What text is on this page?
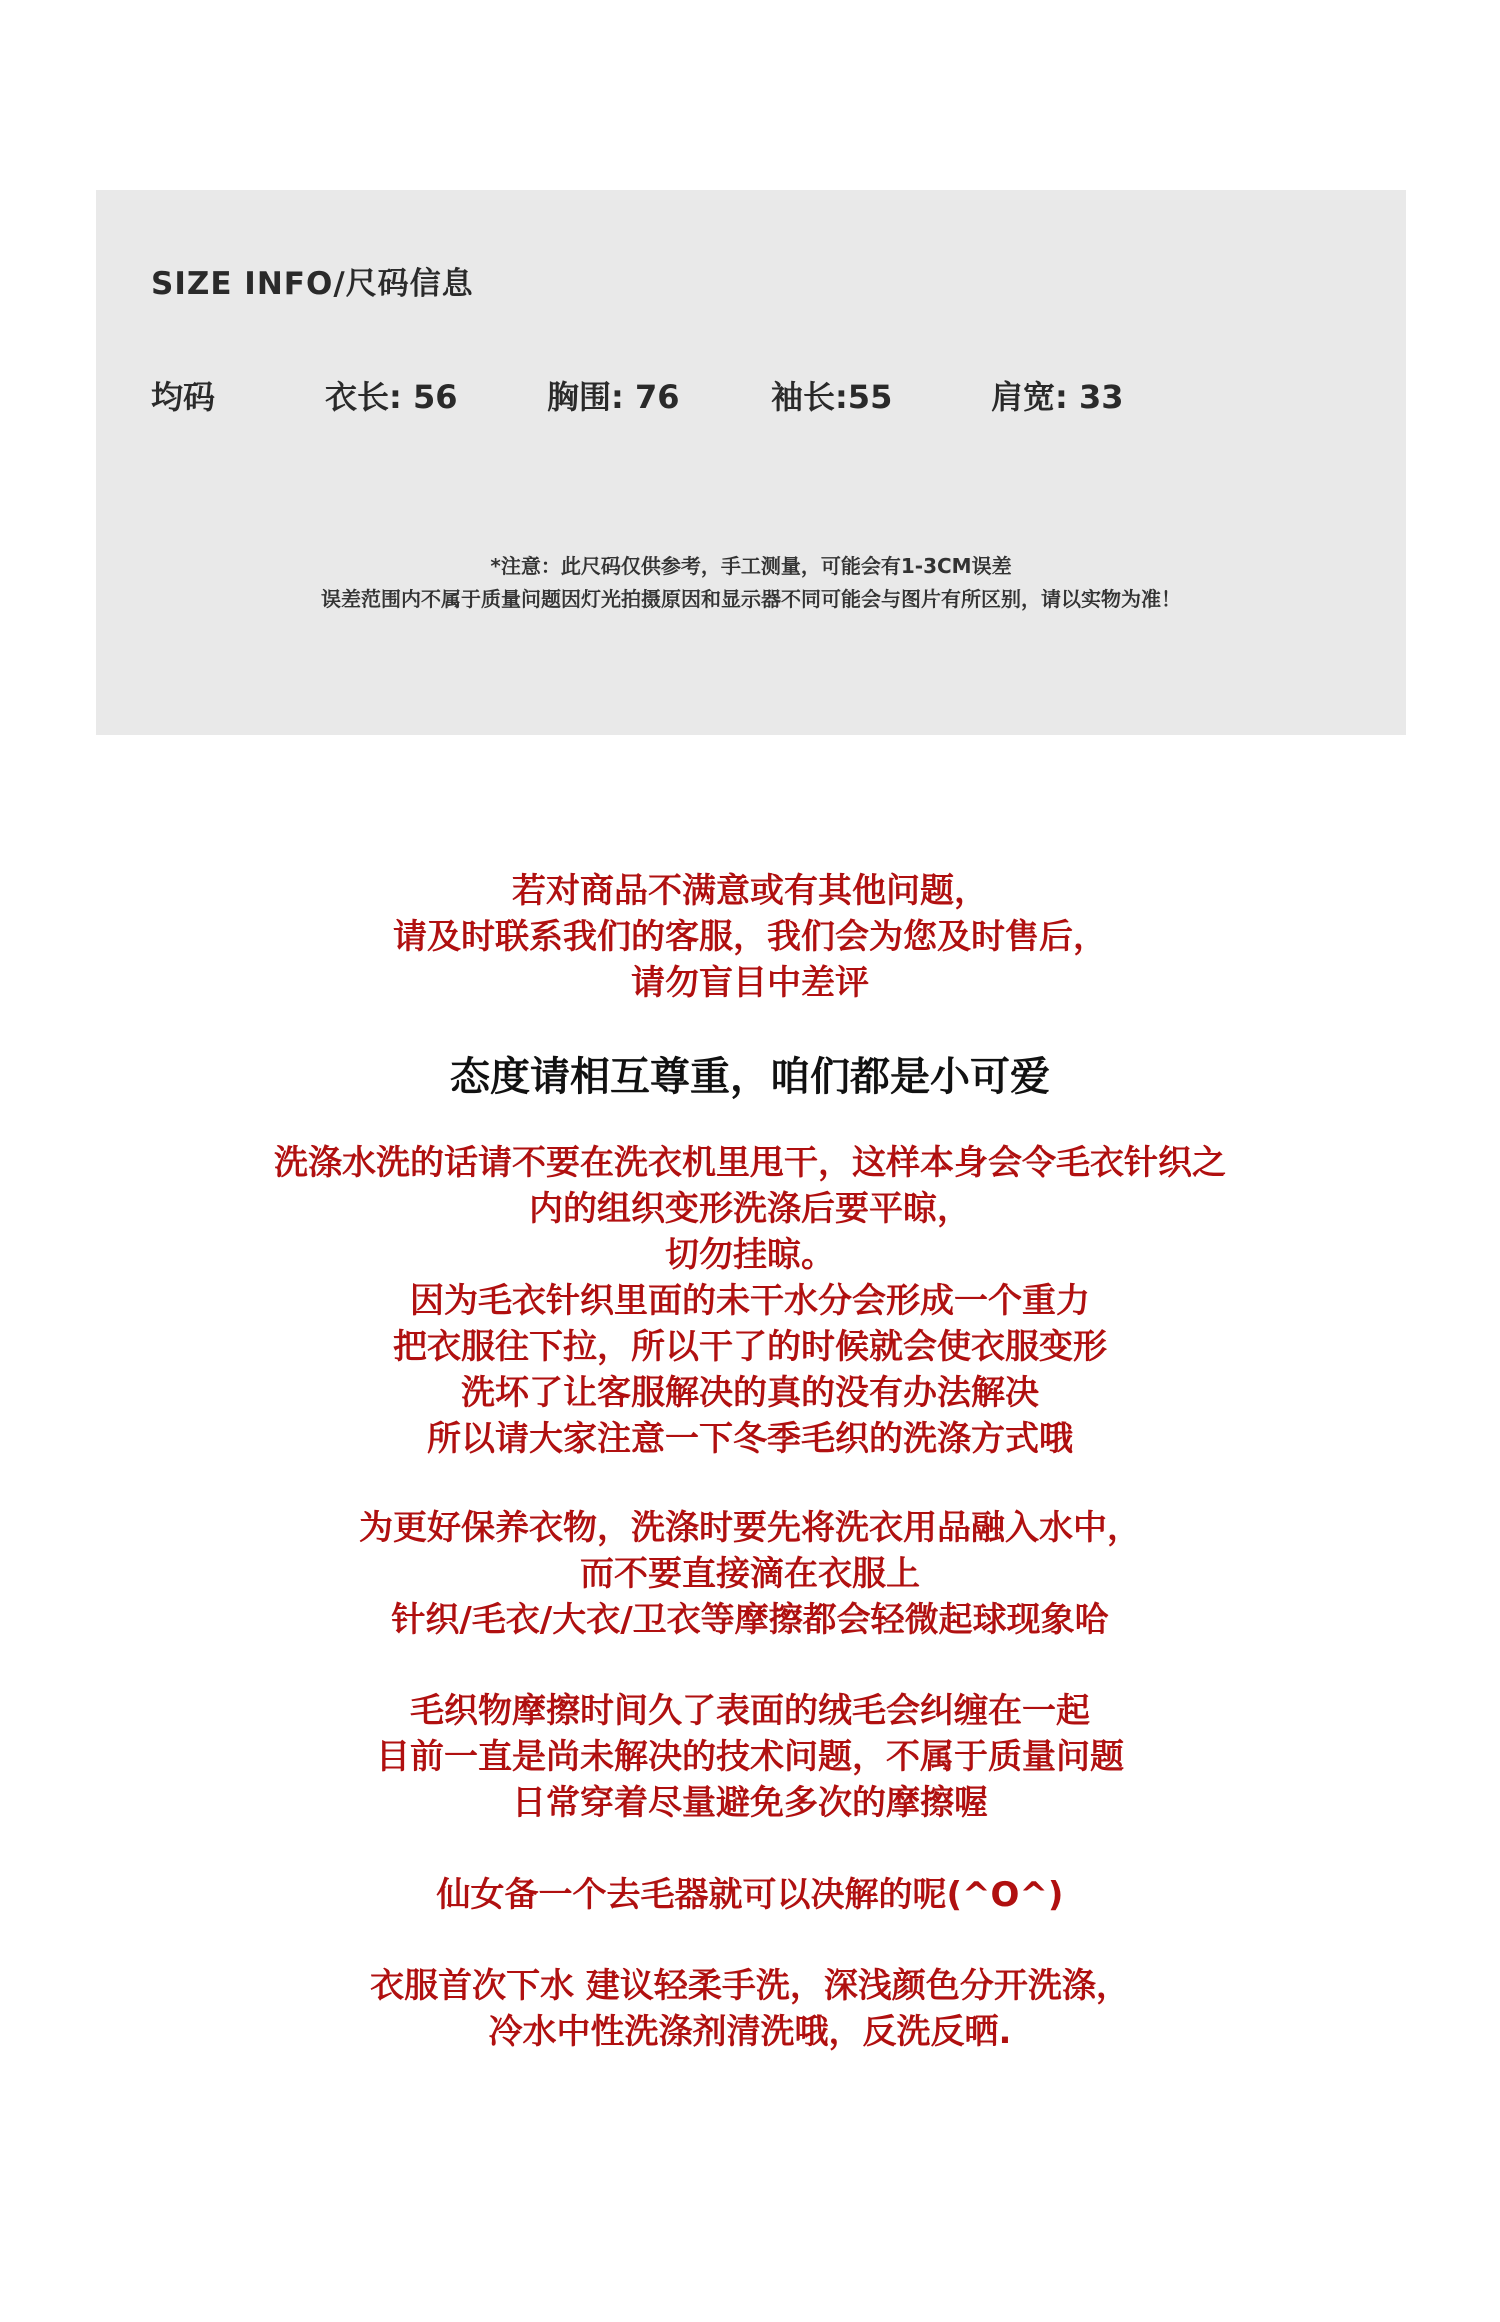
SIZE INFO/尺码信息
均码	衣长: 56	胸围: 76	袖长:55	肩宽: 33
*注意：此尺码仅供参考，手工测量，可能会有1-3CM误差
误差范围内不属于质量问题因灯光拍摄原因和显示器不同可能会与图片有所区别，请以实物为准！
若对商品不满意或有其他问题，
请及时联系我们的客服，我们会为您及时售后，
请勿盲目中差评
态度请相互尊重，咱们都是小可爱
洗涤水洗的话请不要在洗衣机里甩干，这样本身会令毛衣针织之
内的组织变形洗涤后要平晾，
切勿挂晾。
因为毛衣针织里面的未干水分会形成一个重力
把衣服往下拉，所以干了的时候就会使衣服变形
洗坏了让客服解决的真的没有办法解决
所以请大家注意一下冬季毛织的洗涤方式哦
为更好保养衣物，洗涤时要先将洗衣用品融入水中，
而不要直接滴在衣服上
针织/毛衣/大衣/卫衣等摩擦都会轻微起球现象哈
毛织物摩擦时间久了表面的绒毛会纠缠在一起
目前一直是尚未解决的技术问题，不属于质量问题
日常穿着尽量避免多次的摩擦喔
仙女备一个去毛器就可以决解的呢(^O^)
衣服首次下水 建议轻柔手洗，深浅颜色分开洗涤，
冷水中性洗涤剂清洗哦，反洗反晒.
